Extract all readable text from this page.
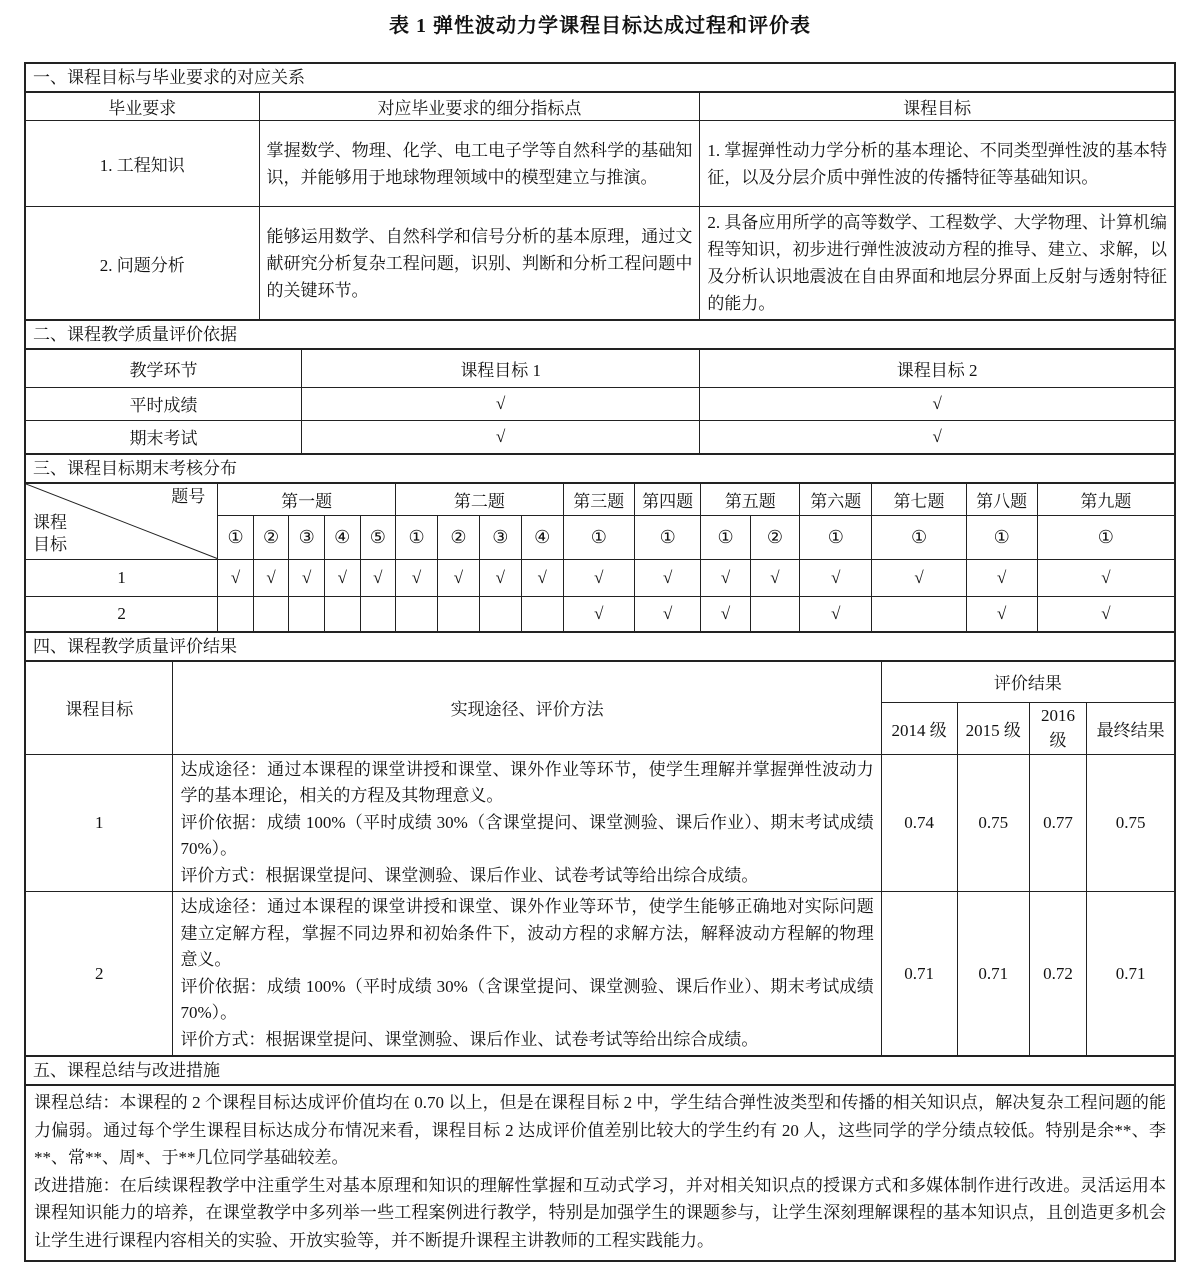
表 1 弹性波动力学课程目标达成过程和评价表
一、课程目标与毕业要求的对应关系
毕业要求	对应毕业要求的细分指标点	课程目标
1. 工程知识	掌握数学、物理、化学、电工电子学等自然科学的基础知识，并能够用于地球物理领域中的模型建立与推演。	1. 掌握弹性动力学分析的基本理论、不同类型弹性波的基本特征，以及分层介质中弹性波的传播特征等基础知识。
2. 问题分析	能够运用数学、自然科学和信号分析的基本原理，通过文献研究分析复杂工程问题，识别、判断和分析工程问题中的关键环节。	2. 具备应用所学的高等数学、工程数学、大学物理、计算机编程等知识，初步进行弹性波波动方程的推导、建立、求解，以及分析认识地震波在自由界面和地层分界面上反射与透射特征的能力。
二、课程教学质量评价依据
教学环节	课程目标 1	课程目标 2
平时成绩	√	√
期末考试	√	√
三、课程目标期末考核分布
题号
课程
目标	第一题					第二题				第三题	第四题	第五题		第六题	第七题	第八题	第九题
	①	②	③	④	⑤	①	②	③	④	①	①	①	②	①	①	①	①
1	√	√	√	√	√	√	√	√	√	√	√	√	√	√	√	√	√
2										√	√	√		√		√	√
四、课程教学质量评价结果
课程目标	实现途径、评价方法	评价结果			
		2014 级	2015 级	2016 级	最终结果
1	达成途径：通过本课程的课堂讲授和课堂、课外作业等环节，使学生理解并掌握弹性波动力学的基本理论，相关的方程及其物理意义。
评价依据：成绩 100%（平时成绩 30%（含课堂提问、课堂测验、课后作业）、期末考试成绩 70%）。
评价方式：根据课堂提问、课堂测验、课后作业、试卷考试等给出综合成绩。	0.74	0.75	0.77	0.75
2	达成途径：通过本课程的课堂讲授和课堂、课外作业等环节，使学生能够正确地对实际问题建立定解方程，掌握不同边界和初始条件下，波动方程的求解方法，解释波动方程解的物理意义。
评价依据：成绩 100%（平时成绩 30%（含课堂提问、课堂测验、课后作业）、期末考试成绩 70%）。
评价方式：根据课堂提问、课堂测验、课后作业、试卷考试等给出综合成绩。	0.71	0.71	0.72	0.71
五、课程总结与改进措施
课程总结：本课程的 2 个课程目标达成评价值均在 0.70 以上，但是在课程目标 2 中，学生结合弹性波类型和传播的相关知识点，解决复杂工程问题的能力偏弱。通过每个学生课程目标达成分布情况来看，课程目标 2 达成评价值差别比较大的学生约有 20 人，这些同学的学分绩点较低。特别是余**、李**、常**、周*、于**几位同学基础较差。
改进措施：在后续课程教学中注重学生对基本原理和知识的理解性掌握和互动式学习，并对相关知识点的授课方式和多媒体制作进行改进。灵活运用本课程知识能力的培养，在课堂教学中多列举一些工程案例进行教学，特别是加强学生的课题参与，让学生深刻理解课程的基本知识点，且创造更多机会让学生进行课程内容相关的实验、开放实验等，并不断提升课程主讲教师的工程实践能力。
